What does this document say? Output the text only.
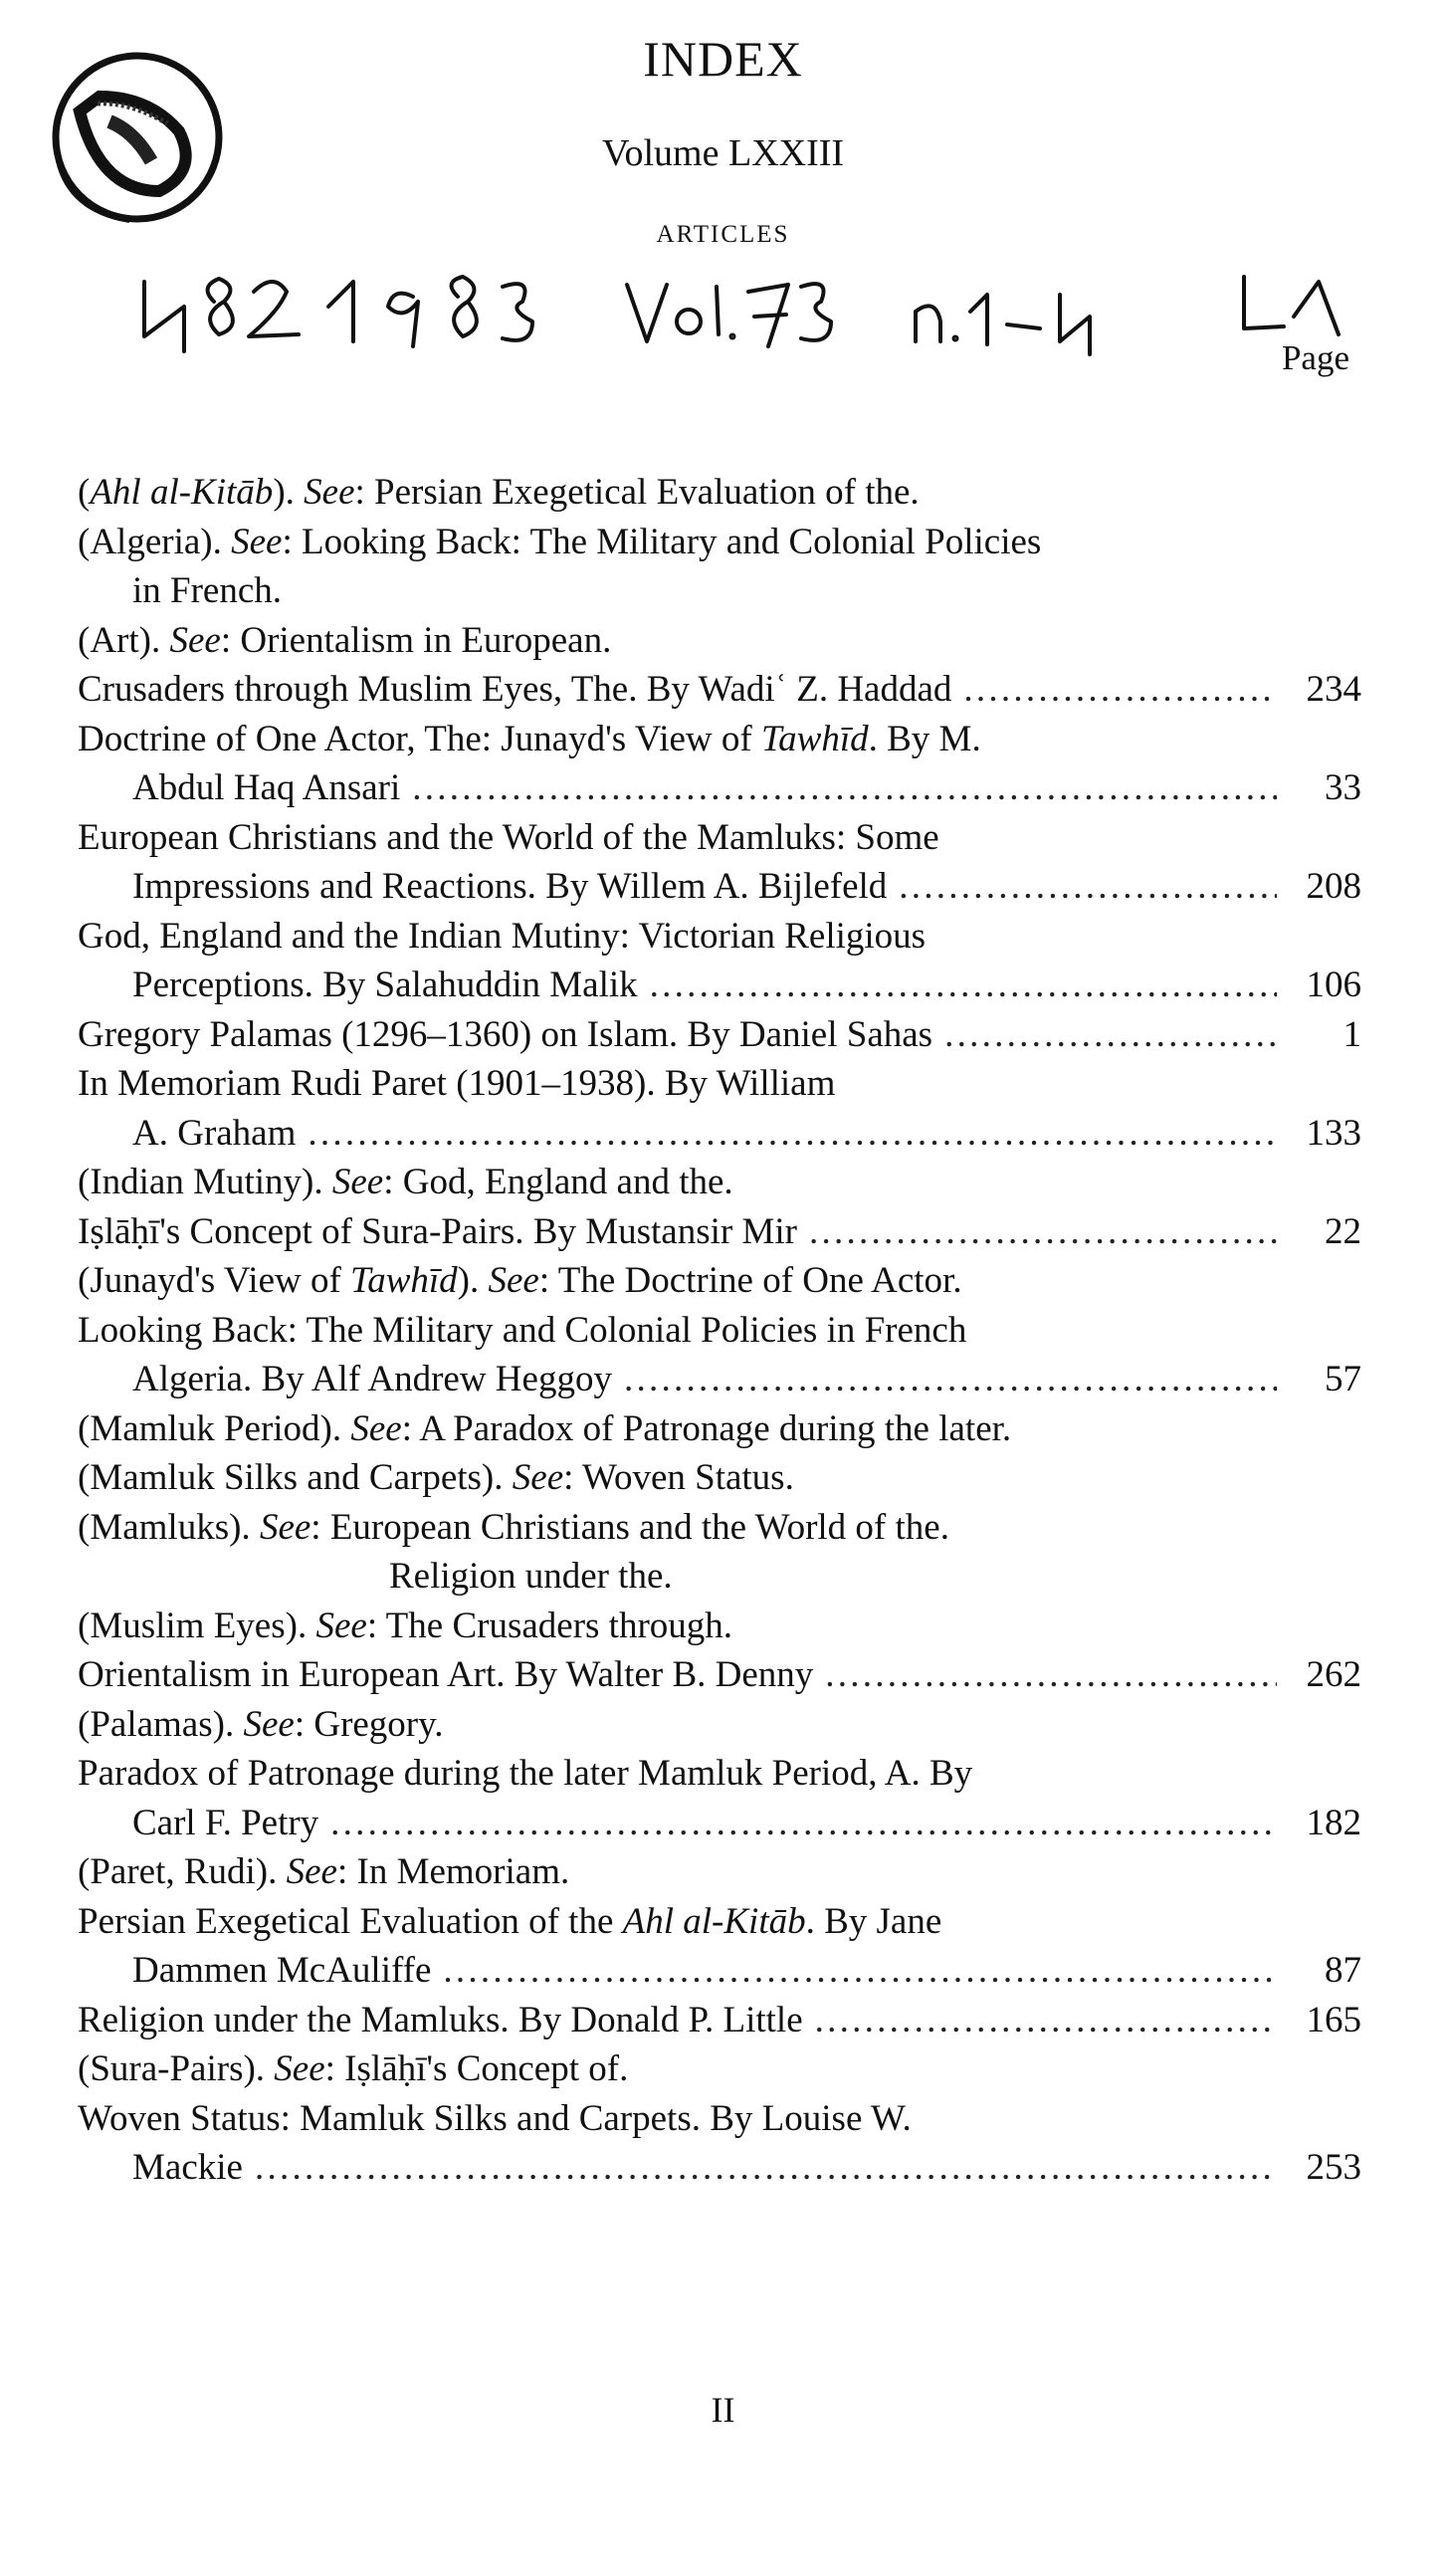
INDEX
Volume LXXIII
ARTICLES
Page
(Ahl al-Kitāb). See: Persian Exegetical Evaluation of the.
(Algeria). See: Looking Back: The Military and Colonial Policies
in French.
(Art). See: Orientalism in European.
Crusaders through Muslim Eyes, The. By Wadiʿ Z. Haddad . . .	234
Doctrine of One Actor, The: Junayd's View of Tawhīd. By M.
Abdul Haq Ansari . . .	33
European Christians and the World of the Mamluks: Some
Impressions and Reactions. By Willem A. Bijlefeld . . .	208
God, England and the Indian Mutiny: Victorian Religious
Perceptions. By Salahuddin Malik . . .	106
Gregory Palamas (1296–1360) on Islam. By Daniel Sahas . . .	1
In Memoriam Rudi Paret (1901–1938). By William
A. Graham . . .	133
(Indian Mutiny). See: God, England and the.
Iṣlāḥī's Concept of Sura-Pairs. By Mustansir Mir . . .	22
(Junayd's View of Tawhīd). See: The Doctrine of One Actor.
Looking Back: The Military and Colonial Policies in French
Algeria. By Alf Andrew Heggoy . . .	57
(Mamluk Period). See: A Paradox of Patronage during the later.
(Mamluk Silks and Carpets). See: Woven Status.
(Mamluks). See: European Christians and the World of the.
Religion under the.
(Muslim Eyes). See: The Crusaders through.
Orientalism in European Art. By Walter B. Denny . . .	262
(Palamas). See: Gregory.
Paradox of Patronage during the later Mamluk Period, A. By
Carl F. Petry . . .	182
(Paret, Rudi). See: In Memoriam.
Persian Exegetical Evaluation of the Ahl al-Kitāb. By Jane
Dammen McAuliffe . . .	87
Religion under the Mamluks. By Donald P. Little . . .	165
(Sura-Pairs). See: Iṣlāḥī's Concept of.
Woven Status: Mamluk Silks and Carpets. By Louise W.
Mackie . . .	253
II
